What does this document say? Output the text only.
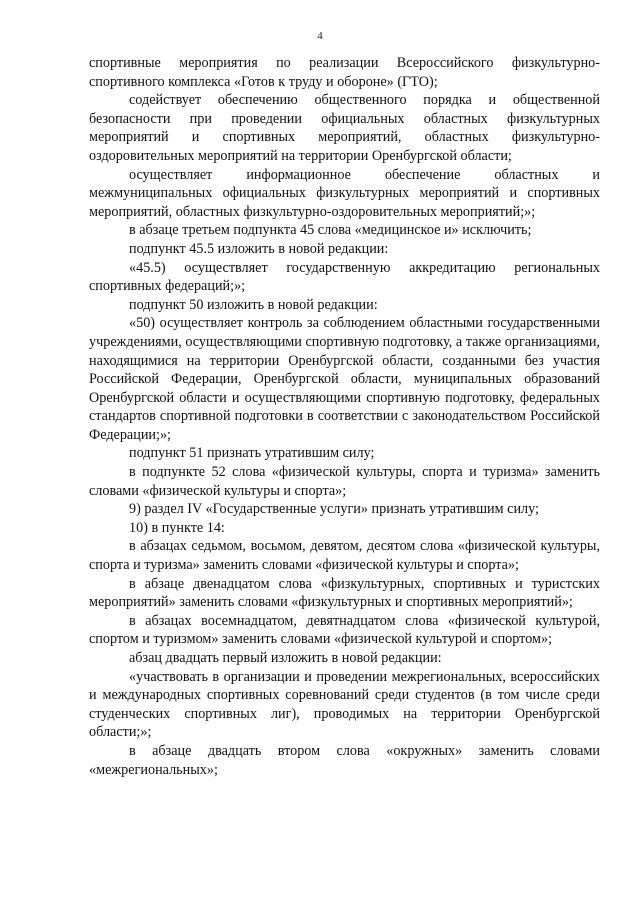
4

спортивные мероприятия по реализации Всероссийского физкультурно-спортивного комплекса «Готов к труду и обороне» (ГТО);

содействует обеспечению общественного порядка и общественной безопасности при проведении официальных областных физкультурных мероприятий и спортивных мероприятий, областных физкультурно-оздоровительных мероприятий на территории Оренбургской области;

осуществляет информационное обеспечение областных и межмуниципальных официальных физкультурных мероприятий и спортивных мероприятий, областных физкультурно-оздоровительных мероприятий;»;

в абзаце третьем подпункта 45 слова «медицинское и» исключить;

подпункт 45.5 изложить в новой редакции:

«45.5) осуществляет государственную аккредитацию региональных спортивных федераций;»;

подпункт 50 изложить в новой редакции:

«50) осуществляет контроль за соблюдением областными государственными учреждениями, осуществляющими спортивную подготовку, а также организациями, находящимися на территории Оренбургской области, созданными без участия Российской Федерации, Оренбургской области, муниципальных образований Оренбургской области и осуществляющими спортивную подготовку, федеральных стандартов спортивной подготовки в соответствии с законодательством Российской Федерации;»;

подпункт 51 признать утратившим силу;

в подпункте 52 слова «физической культуры, спорта и туризма» заменить словами «физической культуры и спорта»;

9) раздел IV «Государственные услуги» признать утратившим силу;

10) в пункте 14:

в абзацах седьмом, восьмом, девятом, десятом слова «физической культуры, спорта и туризма» заменить словами «физической культуры и спорта»;

в абзаце двенадцатом слова «физкультурных, спортивных и туристских мероприятий» заменить словами «физкультурных и спортивных мероприятий»;

в абзацах восемнадцатом, девятнадцатом слова «физической культурой, спортом и туризмом» заменить словами «физической культурой и спортом»;

абзац двадцать первый изложить в новой редакции:

«участвовать в организации и проведении межрегиональных, всероссийских и международных спортивных соревнований среди студентов (в том числе среди студенческих спортивных лиг), проводимых на территории Оренбургской области;»;

в абзаце двадцать втором слова «окружных» заменить словами «межрегиональных»;
